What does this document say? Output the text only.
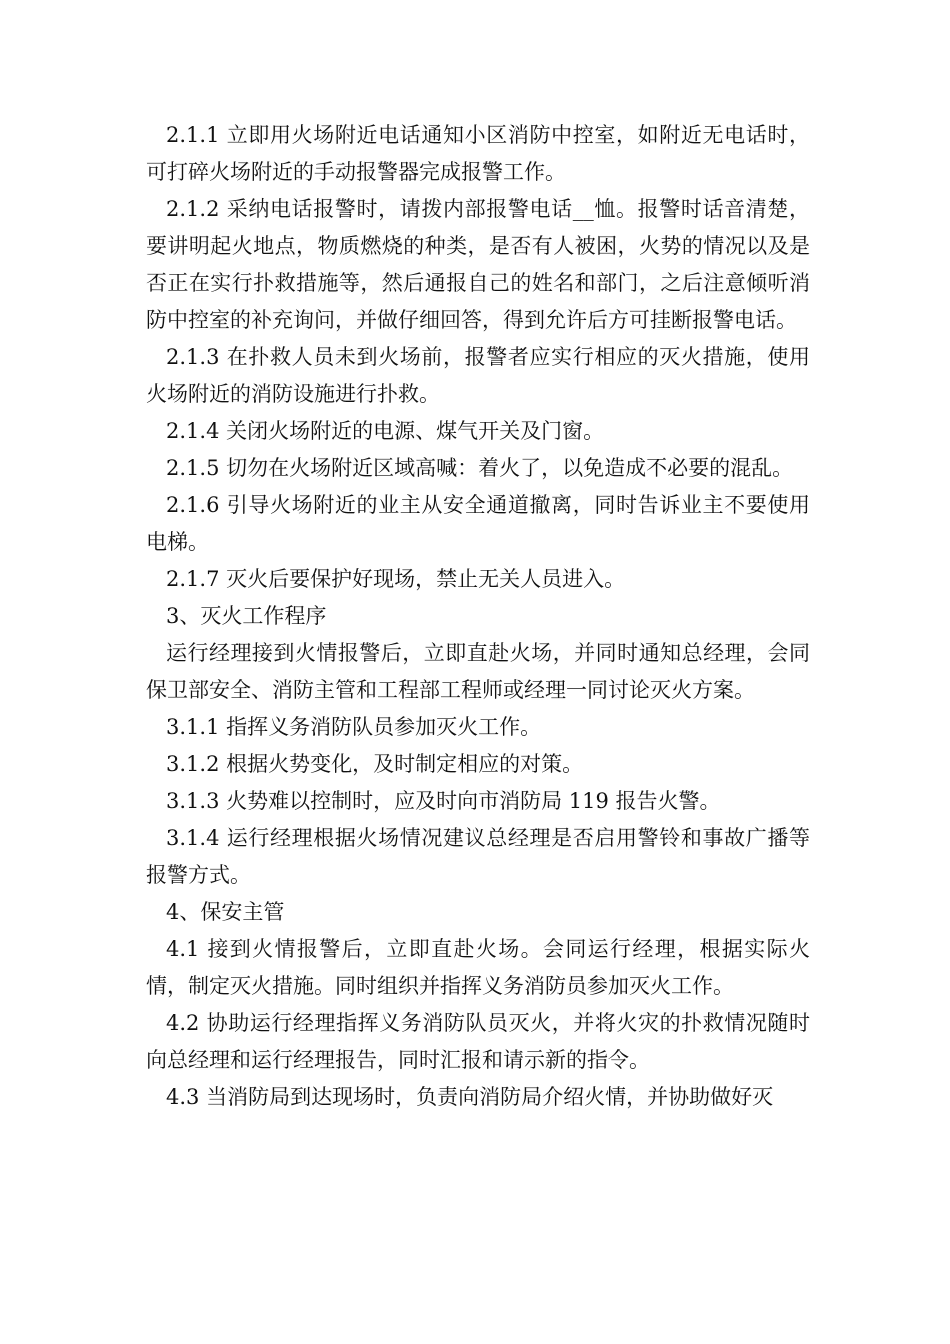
2.1.1 立即用火场附近电话通知小区消防中控室，如附近无电话时，可打碎火场附近的手动报警器完成报警工作。

2.1.2 采纳电话报警时，请拨内部报警电话__恤。报警时话音清楚，要讲明起火地点，物质燃烧的种类，是否有人被困，火势的情况以及是否正在实行扑救措施等，然后通报自己的姓名和部门，之后注意倾听消防中控室的补充询问，并做仔细回答，得到允许后方可挂断报警电话。

2.1.3 在扑救人员未到火场前，报警者应实行相应的灭火措施，使用火场附近的消防设施进行扑救。

2.1.4 关闭火场附近的电源、煤气开关及门窗。

2.1.5 切勿在火场附近区域高喊：着火了，以免造成不必要的混乱。

2.1.6 引导火场附近的业主从安全通道撤离，同时告诉业主不要使用电梯。

2.1.7 灭火后要保护好现场，禁止无关人员进入。

3、灭火工作程序

运行经理接到火情报警后，立即直赴火场，并同时通知总经理，会同保卫部安全、消防主管和工程部工程师或经理一同讨论灭火方案。

3.1.1 指挥义务消防队员参加灭火工作。

3.1.2 根据火势变化，及时制定相应的对策。

3.1.3 火势难以控制时，应及时向市消防局 119 报告火警。

3.1.4 运行经理根据火场情况建议总经理是否启用警铃和事故广播等报警方式。

4、保安主管

4.1 接到火情报警后，立即直赴火场。会同运行经理，根据实际火情，制定灭火措施。同时组织并指挥义务消防员参加灭火工作。

4.2 协助运行经理指挥义务消防队员灭火，并将火灾的扑救情况随时向总经理和运行经理报告，同时汇报和请示新的指令。

4.3 当消防局到达现场时，负责向消防局介绍火情，并协助做好灭
